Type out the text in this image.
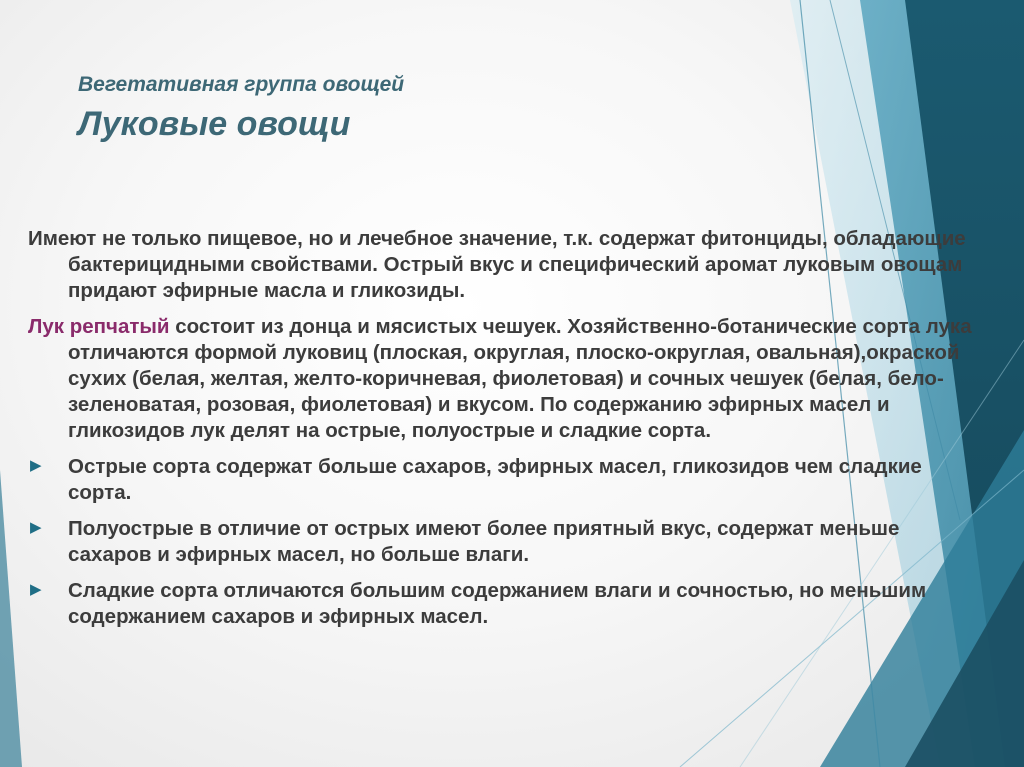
Вегетативная группа овощей
Луковые овощи

Имеют не только пищевое, но и лечебное значение, т.к. содержат фитонциды, обладающие бактерицидными свойствами. Острый вкус и специфический аромат луковым овощам придают эфирные масла и гликозиды.

Лук репчатый состоит из донца и мясистых чешуек. Хозяйственно-ботанические сорта лука отличаются формой луковиц (плоская, округлая, плоско-округлая, овальная),окраской сухих (белая, желтая, желто-коричневая, фиолетовая) и сочных чешуек (белая, бело-зеленоватая, розовая, фиолетовая) и вкусом. По содержанию эфирных масел и гликозидов лук делят на острые, полуострые и сладкие сорта.

▶ Острые сорта содержат больше сахаров, эфирных масел, гликозидов чем сладкие сорта.
▶ Полуострые в отличие от острых имеют более приятный вкус, содержат меньше сахаров и эфирных масел, но больше влаги.
▶ Сладкие сорта отличаются большим содержанием влаги и сочностью, но меньшим содержанием сахаров и эфирных масел.
